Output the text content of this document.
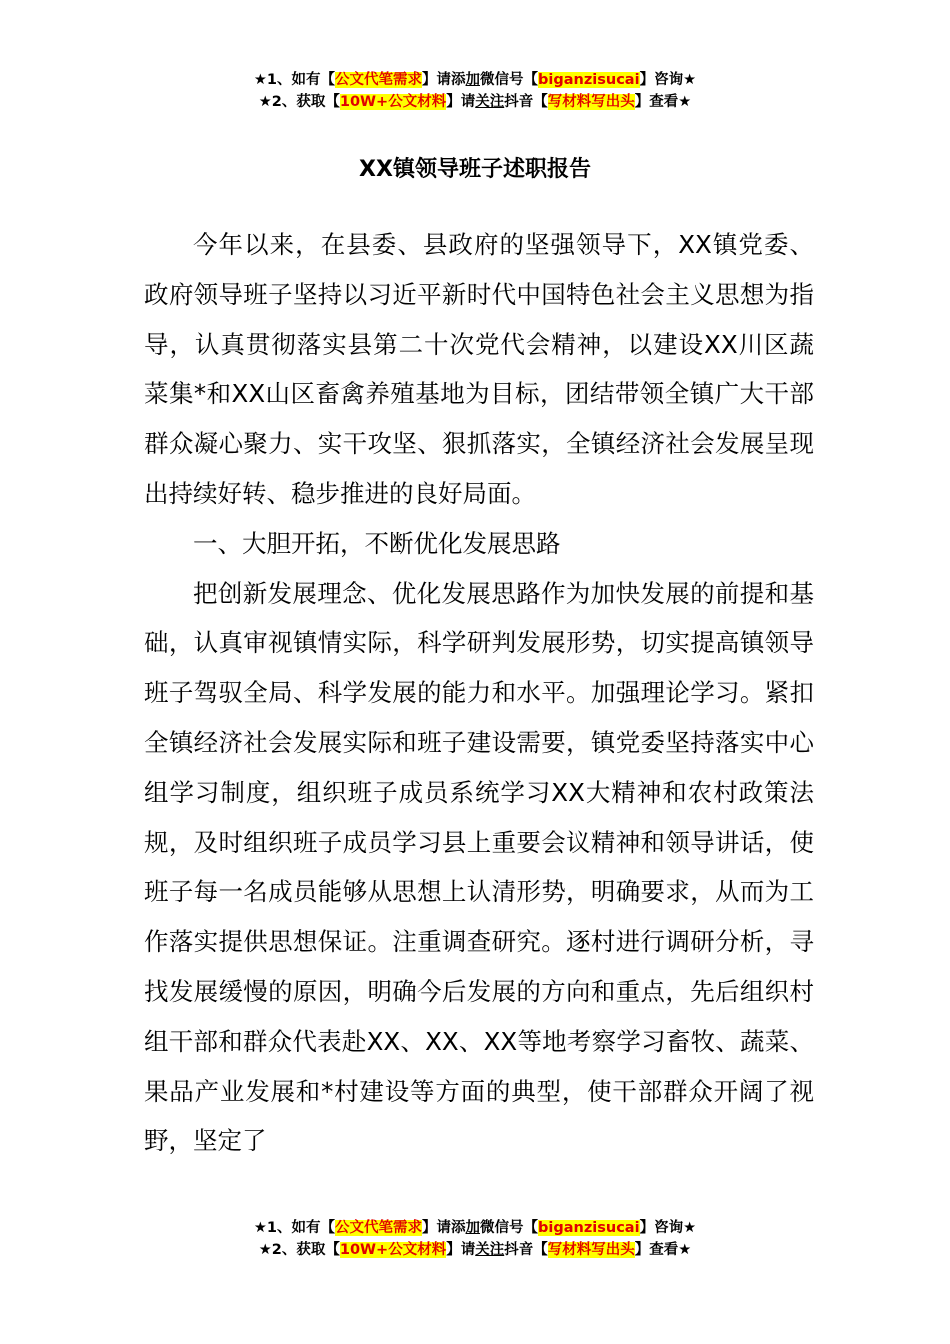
★1、如有【公文代笔需求】请添加微信号【biganzisucai】咨询★
★2、获取【10W+公文材料】请关注抖音【写材料写出头】查看★
XX镇领导班子述职报告

今年以来，在县委、县政府的坚强领导下，XX镇党委、政府领导班子坚持以习近平新时代中国特色社会主义思想为指导，认真贯彻落实县第二十次党代会精神，以建设XX川区蔬菜集*和XX山区畜禽养殖基地为目标，团结带领全镇广大干部群众凝心聚力、实干攻坚、狠抓落实，全镇经济社会发展呈现出持续好转、稳步推进的良好局面。

一、大胆开拓，不断优化发展思路

把创新发展理念、优化发展思路作为加快发展的前提和基础，认真审视镇情实际，科学研判发展形势，切实提高镇领导班子驾驭全局、科学发展的能力和水平。加强理论学习。紧扣全镇经济社会发展实际和班子建设需要，镇党委坚持落实中心组学习制度，组织班子成员系统学习XX大精神和农村政策法规，及时组织班子成员学习县上重要会议精神和领导讲话，使班子每一名成员能够从思想上认清形势，明确要求，从而为工作落实提供思想保证。注重调查研究。逐村进行调研分析，寻找发展缓慢的原因，明确今后发展的方向和重点，先后组织村组干部和群众代表赴XX、XX、XX等地考察学习畜牧、蔬菜、果品产业发展和*村建设等方面的典型，使干部群众开阔了视野，坚定了

★1、如有【公文代笔需求】请添加微信号【biganzisucai】咨询★
★2、获取【10W+公文材料】请关注抖音【写材料写出头】查看★
